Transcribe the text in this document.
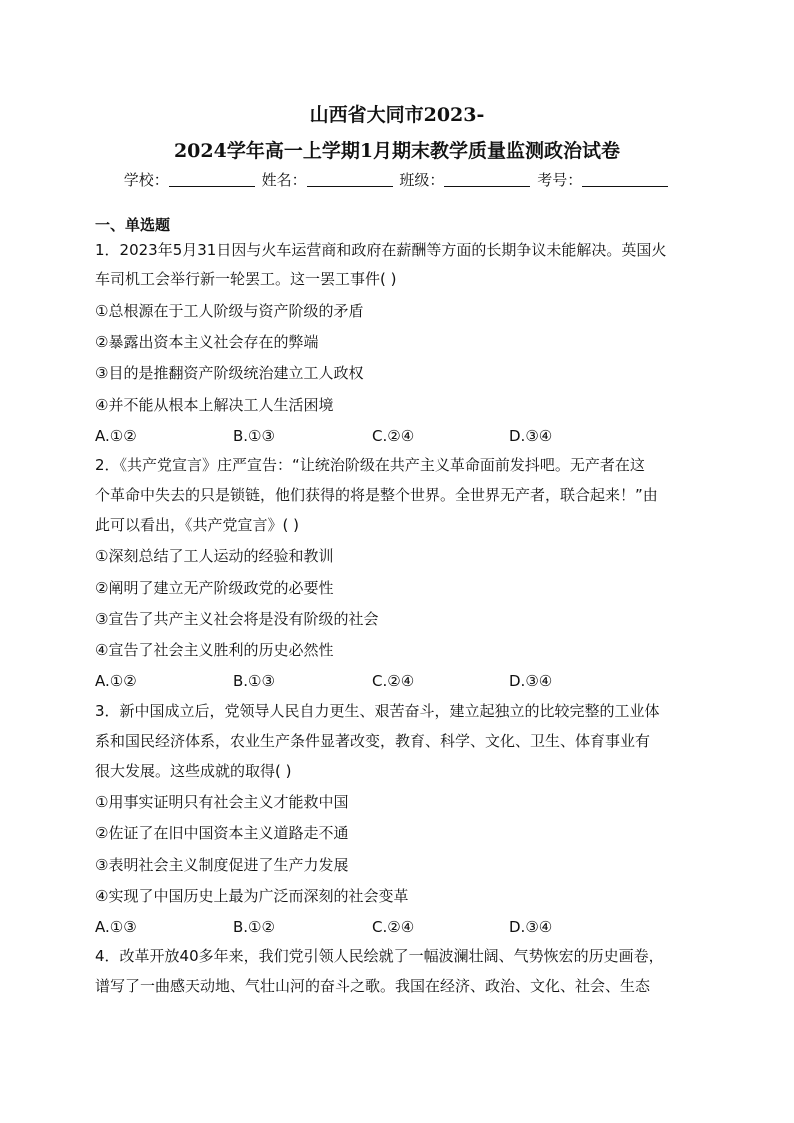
山西省大同市2023-
2024学年高一上学期1月期末教学质量监测政治试卷
学校：	姓名：	班级：	考号：
一、单选题
1．2023年5月31日因与火车运营商和政府在薪酬等方面的长期争议未能解决。英国火
车司机工会举行新一轮罢工。这一罢工事件( )
①总根源在于工人阶级与资产阶级的矛盾
②暴露出资本主义社会存在的弊端
③目的是推翻资产阶级统治建立工人政权
④并不能从根本上解决工人生活困境
A.①②	B.①③	C.②④	D.③④
2．《共产党宣言》庄严宣告：“让统治阶级在共产主义革命面前发抖吧。无产者在这
个革命中失去的只是锁链，他们获得的将是整个世界。全世界无产者，联合起来！”由
此可以看出，《共产党宣言》( )
①深刻总结了工人运动的经验和教训
②阐明了建立无产阶级政党的必要性
③宣告了共产主义社会将是没有阶级的社会
④宣告了社会主义胜利的历史必然性
A.①②	B.①③	C.②④	D.③④
3．新中国成立后，党领导人民自力更生、艰苦奋斗，建立起独立的比较完整的工业体
系和国民经济体系，农业生产条件显著改变，教育、科学、文化、卫生、体育事业有
很大发展。这些成就的取得( )
①用事实证明只有社会主义才能救中国
②佐证了在旧中国资本主义道路走不通
③表明社会主义制度促进了生产力发展
④实现了中国历史上最为广泛而深刻的社会变革
A.①③	B.①②	C.②④	D.③④
4．改革开放40多年来，我们党引领人民绘就了一幅波澜壮阔、气势恢宏的历史画卷，
谱写了一曲感天动地、气壮山河的奋斗之歌。我国在经济、政治、文化、社会、生态
